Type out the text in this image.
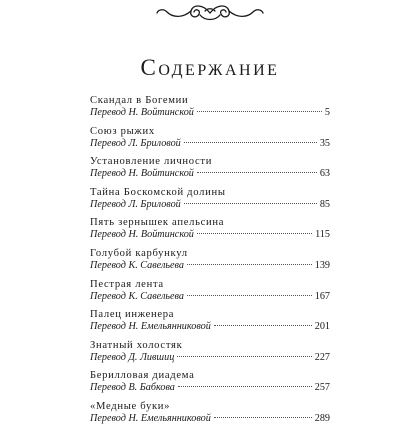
Содержание
Скандал в Богемии
Перевод Н. Войтинской	5
Союз рыжих
Перевод Л. Бриловой	35
Установление личности
Перевод Н. Войтинской	63
Тайна Боскомской долины
Перевод Л. Бриловой	85
Пять зернышек апельсина
Перевод Н. Войтинской	115
Голубой карбункул
Перевод К. Савельева	139
Пестрая лента
Перевод К. Савельева	167
Палец инженера
Перевод Н. Емельянниковой	201
Знатный холостяк
Перевод Д. Лившиц	227
Берилловая диадема
Перевод В. Бабкова	257
«Медные буки»
Перевод Н. Емельянниковой	289
